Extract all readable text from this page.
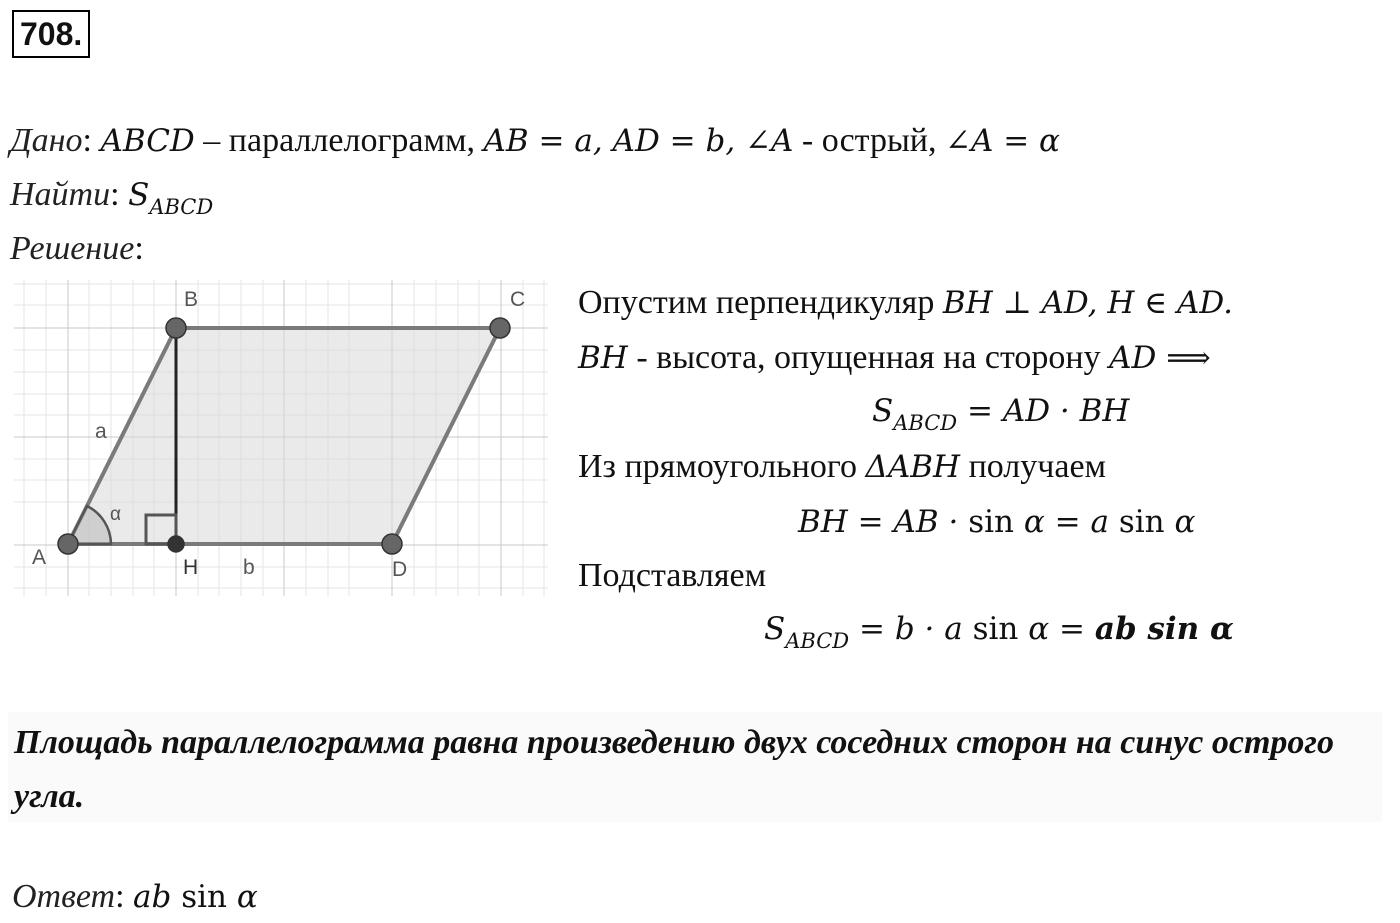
708.
Дано: ABCD – параллелограмм, AB = a, AD = b, ∠A - острый, ∠A = α
Найти: $S_{ABCD}$
Решение:
A
B	C
D
H
a
b
α
Опустим перпендикуляр BH ⊥ AD, H ∈ AD.
BH - высота, опущенная на сторону AD ⟹
$S_{ABCD}$ = AD · BH
Из прямоугольного ΔABH получаем
BH = AB · sin α = a sin α
Подставляем
$S_{ABCD} = b \cdot a$ sin α = ab sin α
Площадь параллелограмма равна произведению двух соседних сторон на синус острого угла.
Ответ: ab sin α
